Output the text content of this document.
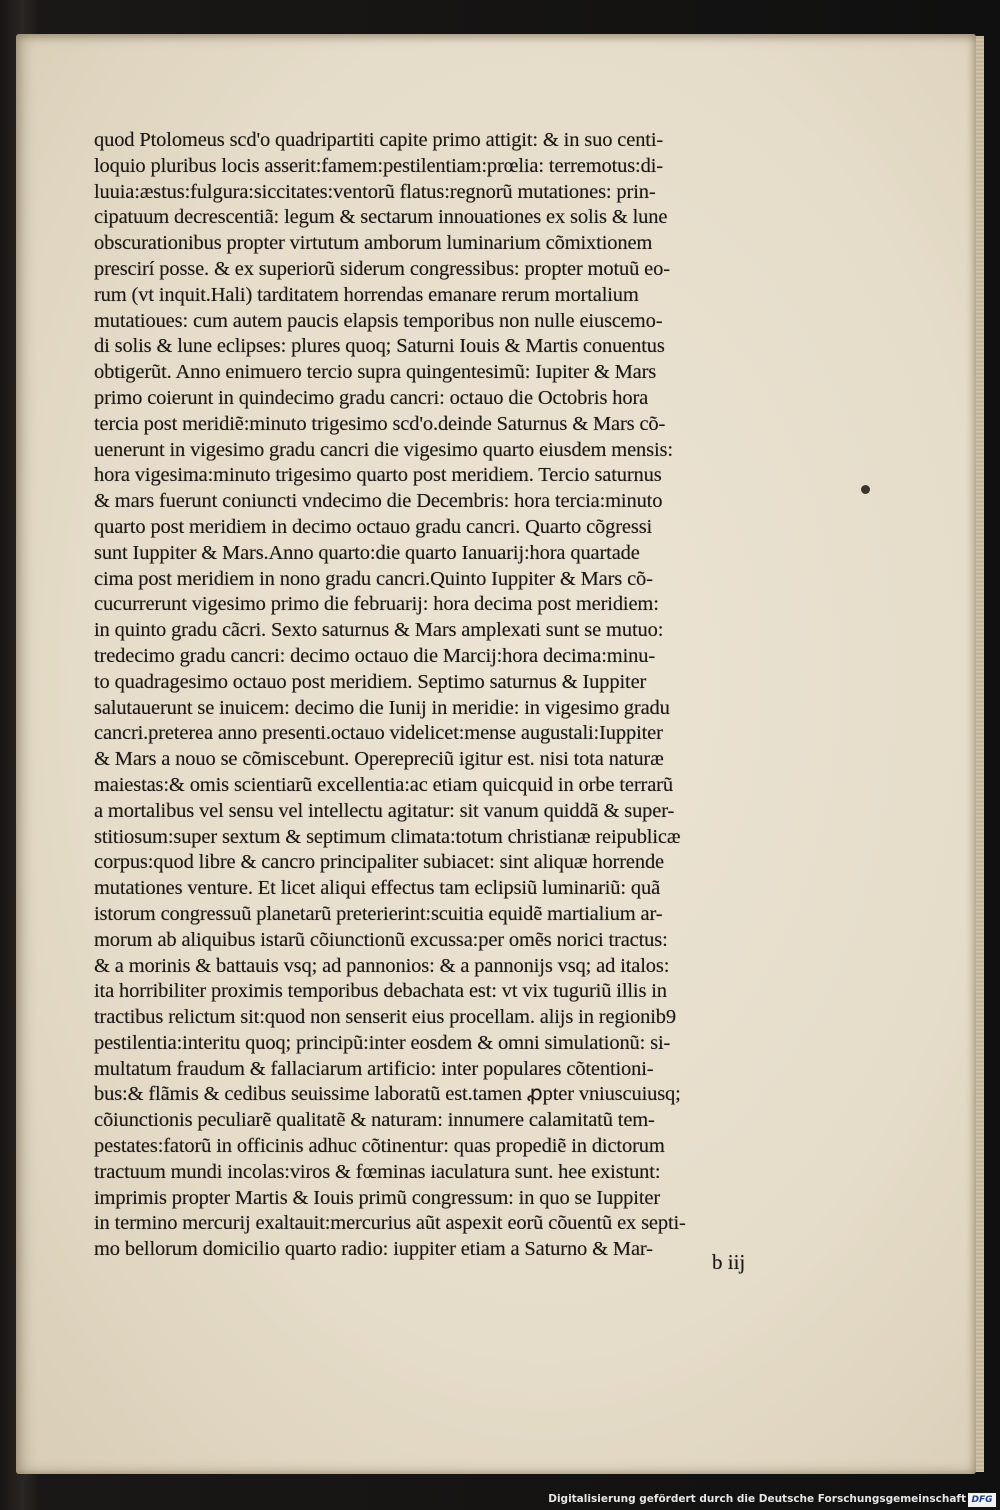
quod Ptolomeus scd'o quadripartiti capite primo attigit: & in suo centi-
loquio pluribus locis asserit:famem:pestilentiam:prœlia: terremotus:di-
luuia:æstus:fulgura:siccitates:ventorũ flatus:regnorũ mutationes: prin-
cipatuum decrescentiã: legum & sectarum innouationes ex solis & lune
obscurationibus propter virtutum amborum luminarium cõmixtionem
prescirí posse. & ex superiorũ siderum congressibus: propter motuũ eo-
rum (vt inquit.Hali) tarditatem horrendas emanare rerum mortalium
mutatioues: cum autem paucis elapsis temporibus non nulle eiuscemo-
di solis & lune eclipses: plures quoq; Saturni Iouis & Martis conuentus
obtigerũt. Anno enimuero tercio supra quingentesimũ: Iupiter & Mars
primo coierunt in quindecimo gradu cancri: octauo die Octobris hora
tercia post meridiẽ:minuto trigesimo scd'o.deinde Saturnus & Mars cõ-
uenerunt in vigesimo gradu cancri die vigesimo quarto eiusdem mensis:
hora vigesima:minuto trigesimo quarto post meridiem. Tercio saturnus
& mars fuerunt coniuncti vndecimo die Decembris: hora tercia:minuto
quarto post meridiem in decimo octauo gradu cancri. Quarto cõgressi
sunt Iuppiter & Mars.Anno quarto:die quarto Ianuarij:hora quartade
cima post meridiem in nono gradu cancri.Quinto Iuppiter & Mars cõ-
cucurrerunt vigesimo primo die februarij: hora decima post meridiem:
in quinto gradu cãcri. Sexto saturnus & Mars amplexati sunt se mutuo:
tredecimo gradu cancri: decimo octauo die Marcij:hora decima:minu-
to quadragesimo octauo post meridiem. Septimo saturnus & Iuppiter
salutauerunt se inuicem: decimo die Iunij in meridie: in vigesimo gradu
cancri.preterea anno presenti.octauo videlicet:mense augustali:Iuppiter
& Mars a nouo se cõmiscebunt. Operepreciũ igitur est. nisi tota naturæ
maiestas:& omis scientiarũ excellentia:ac etiam quicquid in orbe terrarũ
a mortalibus vel sensu vel intellectu agitatur: sit vanum quiddã & super-
stitiosum:super sextum & septimum climata:totum christianæ reipublicæ
corpus:quod libre & cancro principaliter subiacet: sint aliquæ horrende
mutationes venture. Et licet aliqui effectus tam eclipsiũ luminariũ: quã
istorum congressuũ planetarũ preterierint:scuitia equidẽ martialium ar-
morum ab aliquibus istarũ cõiunctionũ excussa:per omẽs norici tractus:
& a morinis & battauis vsq; ad pannonios: & a pannonijs vsq; ad italos:
ita horribiliter proximis temporibus debachata est: vt vix tuguriũ illis in
tractibus relictum sit:quod non senserit eius procellam. alijs in regionib9
pestilentia:interitu quoq; principũ:inter eosdem & omni simulationũ: si-
multatum fraudum & fallaciarum artificio: inter populares cõtentioni-
bus:& flãmis & cedibus seuissime laboratũ est.tamen ꝓpter vniuscuiusq;
cõiunctionis peculiarẽ qualitatẽ & naturam: innumere calamitatũ tem-
pestates:fatorũ in officinis adhuc cõtinentur: quas propediẽ in dictorum
tractuum mundi incolas:viros & fœminas iaculatura sunt. hee existunt:
imprimis propter Martis & Iouis primũ congressum: in quo se Iuppiter
in termino mercurij exaltauit:mercurius aũt aspexit eorũ cõuentũ ex septi-
mo bellorum domicilio quarto radio: iuppiter etiam a Saturno & Mar-
b iij
Digitalisierung gefördert durch die Deutsche Forschungsgemeinschaft DFG
